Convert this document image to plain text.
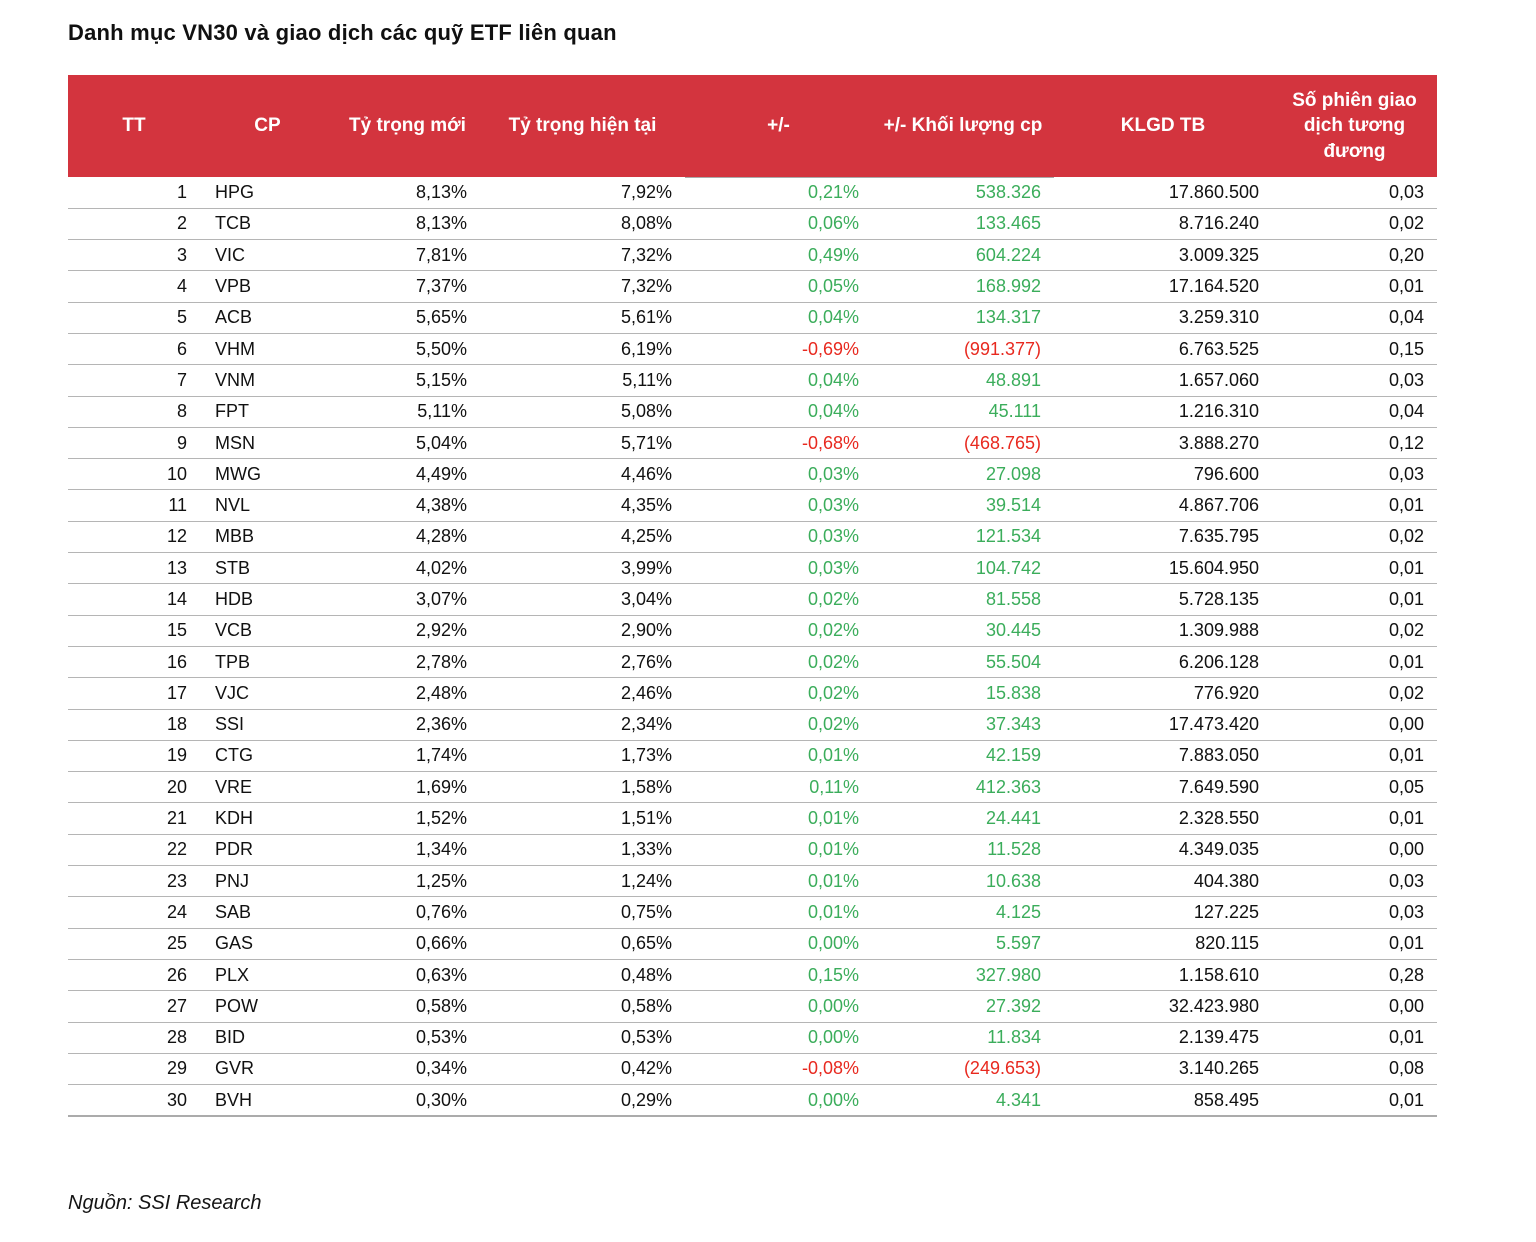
Danh mục VN30 và giao dịch các quỹ ETF liên quan
TT	CP	Tỷ trọng mới	Tỷ trọng hiện tại	+/-	+/- Khối lượng cp	KLGD TB	Số phiên giao dịch tương đương
1	HPG	8,13%	7,92%	0,21%	538.326	17.860.500	0,03
2	TCB	8,13%	8,08%	0,06%	133.465	8.716.240	0,02
3	VIC	7,81%	7,32%	0,49%	604.224	3.009.325	0,20
4	VPB	7,37%	7,32%	0,05%	168.992	17.164.520	0,01
5	ACB	5,65%	5,61%	0,04%	134.317	3.259.310	0,04
6	VHM	5,50%	6,19%	-0,69%	(991.377)	6.763.525	0,15
7	VNM	5,15%	5,11%	0,04%	48.891	1.657.060	0,03
8	FPT	5,11%	5,08%	0,04%	45.111	1.216.310	0,04
9	MSN	5,04%	5,71%	-0,68%	(468.765)	3.888.270	0,12
10	MWG	4,49%	4,46%	0,03%	27.098	796.600	0,03
11	NVL	4,38%	4,35%	0,03%	39.514	4.867.706	0,01
12	MBB	4,28%	4,25%	0,03%	121.534	7.635.795	0,02
13	STB	4,02%	3,99%	0,03%	104.742	15.604.950	0,01
14	HDB	3,07%	3,04%	0,02%	81.558	5.728.135	0,01
15	VCB	2,92%	2,90%	0,02%	30.445	1.309.988	0,02
16	TPB	2,78%	2,76%	0,02%	55.504	6.206.128	0,01
17	VJC	2,48%	2,46%	0,02%	15.838	776.920	0,02
18	SSI	2,36%	2,34%	0,02%	37.343	17.473.420	0,00
19	CTG	1,74%	1,73%	0,01%	42.159	7.883.050	0,01
20	VRE	1,69%	1,58%	0,11%	412.363	7.649.590	0,05
21	KDH	1,52%	1,51%	0,01%	24.441	2.328.550	0,01
22	PDR	1,34%	1,33%	0,01%	11.528	4.349.035	0,00
23	PNJ	1,25%	1,24%	0,01%	10.638	404.380	0,03
24	SAB	0,76%	0,75%	0,01%	4.125	127.225	0,03
25	GAS	0,66%	0,65%	0,00%	5.597	820.115	0,01
26	PLX	0,63%	0,48%	0,15%	327.980	1.158.610	0,28
27	POW	0,58%	0,58%	0,00%	27.392	32.423.980	0,00
28	BID	0,53%	0,53%	0,00%	11.834	2.139.475	0,01
29	GVR	0,34%	0,42%	-0,08%	(249.653)	3.140.265	0,08
30	BVH	0,30%	0,29%	0,00%	4.341	858.495	0,01

Nguồn: SSI Research
